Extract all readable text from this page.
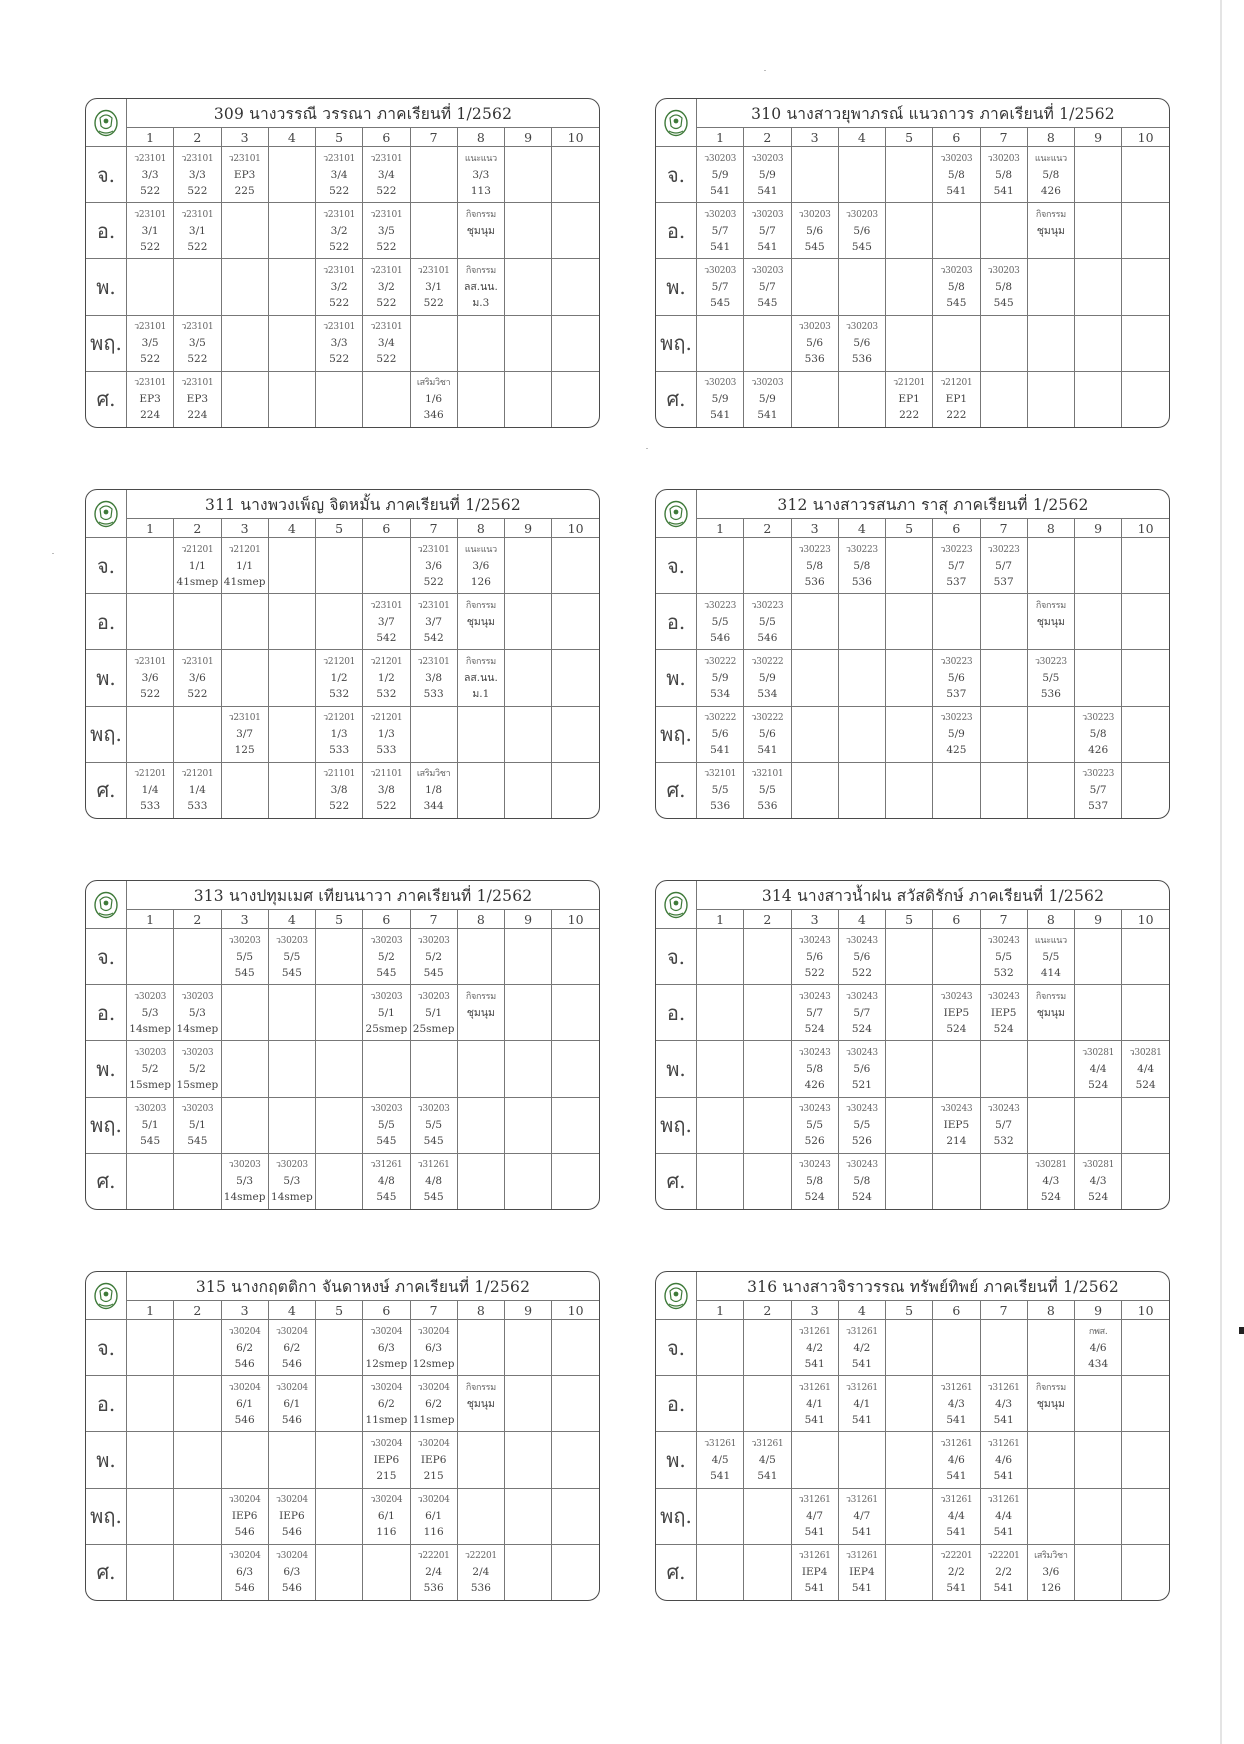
	309 นางวรรณี วรรณา ภาคเรียนที่ 1/2562									
	1	2	3	4	5	6	7	8	9	10
จ.	ว23101
3/3
522	ว23101
3/3
522	ว23101
EP3
225		ว23101
3/4
522	ว23101
3/4
522		แนะแนว
3/3
113		

อ.	ว23101
3/1
522	ว23101
3/1
522			ว23101
3/2
522	ว23101
3/5
522		กิจกรรม
ชุมนุม		

พ.					ว23101
3/2
522	ว23101
3/2
522	ว23101
3/1
522	กิจกรรม
ลส.นน.
ม.3		

พฤ.	ว23101
3/5
522	ว23101
3/5
522			ว23101
3/3
522	ว23101
3/4
522				

ศ.	ว23101
EP3
224	ว23101
EP3
224					เสริมวิชา
1/6
346			

	310 นางสาวยุพาภรณ์ แนวถาวร ภาคเรียนที่ 1/2562									
	1	2	3	4	5	6	7	8	9	10
จ.	ว30203
5/9
541	ว30203
5/9
541				ว30203
5/8
541	ว30203
5/8
541	แนะแนว
5/8
426		

อ.	ว30203
5/7
541	ว30203
5/7
541	ว30203
5/6
545	ว30203
5/6
545				กิจกรรม
ชุมนุม		

พ.	ว30203
5/7
545	ว30203
5/7
545				ว30203
5/8
545	ว30203
5/8
545			

พฤ.			ว30203
5/6
536	ว30203
5/6
536						

ศ.	ว30203
5/9
541	ว30203
5/9
541			ว21201
EP1
222	ว21201
EP1
222				

	311 นางพวงเพ็ญ จิตหมั้น ภาคเรียนที่ 1/2562									
	1	2	3	4	5	6	7	8	9	10
จ.		ว21201
1/1
41smep	ว21201
1/1
41smep				ว23101
3/6
522	แนะแนว
3/6
126		

อ.						ว23101
3/7
542	ว23101
3/7
542	กิจกรรม
ชุมนุม		

พ.	ว23101
3/6
522	ว23101
3/6
522			ว21201
1/2
532	ว21201
1/2
532	ว23101
3/8
533	กิจกรรม
ลส.นน.
ม.1		

พฤ.			ว23101
3/7
125		ว21201
1/3
533	ว21201
1/3
533				

ศ.	ว21201
1/4
533	ว21201
1/4
533			ว21101
3/8
522	ว21101
3/8
522	เสริมวิชา
1/8
344			

	312 นางสาวรสนภา ราสุ ภาคเรียนที่ 1/2562									
	1	2	3	4	5	6	7	8	9	10
จ.			ว30223
5/8
536	ว30223
5/8
536		ว30223
5/7
537	ว30223
5/7
537			

อ.	ว30223
5/5
546	ว30223
5/5
546						กิจกรรม
ชุมนุม		

พ.	ว30222
5/9
534	ว30222
5/9
534				ว30223
5/6
537		ว30223
5/5
536		

พฤ.	ว30222
5/6
541	ว30222
5/6
541				ว30223
5/9
425			ว30223
5/8
426	

ศ.	ว32101
5/5
536	ว32101
5/5
536							ว30223
5/7
537	

	313 นางปทุมเมศ เทียนนาวา ภาคเรียนที่ 1/2562									
	1	2	3	4	5	6	7	8	9	10
จ.			ว30203
5/5
545	ว30203
5/5
545		ว30203
5/2
545	ว30203
5/2
545			

อ.	ว30203
5/3
14smep	ว30203
5/3
14smep				ว30203
5/1
25smep	ว30203
5/1
25smep	กิจกรรม
ชุมนุม		

พ.	ว30203
5/2
15smep	ว30203
5/2
15smep								

พฤ.	ว30203
5/1
545	ว30203
5/1
545				ว30203
5/5
545	ว30203
5/5
545			

ศ.			ว30203
5/3
14smep	ว30203
5/3
14smep		ว31261
4/8
545	ว31261
4/8
545			

	314 นางสาวน้ำฝน สวัสดิรักษ์ ภาคเรียนที่ 1/2562									
	1	2	3	4	5	6	7	8	9	10
จ.			ว30243
5/6
522	ว30243
5/6
522			ว30243
5/5
532	แนะแนว
5/5
414		

อ.			ว30243
5/7
524	ว30243
5/7
524		ว30243
IEP5
524	ว30243
IEP5
524	กิจกรรม
ชุมนุม		

พ.			ว30243
5/8
426	ว30243
5/6
521					ว30281
4/4
524	ว30281
4/4
524

พฤ.			ว30243
5/5
526	ว30243
5/5
526		ว30243
IEP5
214	ว30243
5/7
532			

ศ.			ว30243
5/8
524	ว30243
5/8
524				ว30281
4/3
524	ว30281
4/3
524	

	315 นางกฤตติกา จันดาหงษ์ ภาคเรียนที่ 1/2562									
	1	2	3	4	5	6	7	8	9	10
จ.			ว30204
6/2
546	ว30204
6/2
546		ว30204
6/3
12smep	ว30204
6/3
12smep			

อ.			ว30204
6/1
546	ว30204
6/1
546		ว30204
6/2
11smep	ว30204
6/2
11smep	กิจกรรม
ชุมนุม		

พ.						ว30204
IEP6
215	ว30204
IEP6
215			

พฤ.			ว30204
IEP6
546	ว30204
IEP6
546		ว30204
6/1
116	ว30204
6/1
116			

ศ.			ว30204
6/3
546	ว30204
6/3
546			ว22201
2/4
536	ว22201
2/4
536		

	316 นางสาวจิราวรรณ ทรัพย์ทิพย์ ภาคเรียนที่ 1/2562									
	1	2	3	4	5	6	7	8	9	10
จ.			ว31261
4/2
541	ว31261
4/2
541					กพส.
4/6
434	

อ.			ว31261
4/1
541	ว31261
4/1
541		ว31261
4/3
541	ว31261
4/3
541	กิจกรรม
ชุมนุม		

พ.	ว31261
4/5
541	ว31261
4/5
541				ว31261
4/6
541	ว31261
4/6
541			

พฤ.			ว31261
4/7
541	ว31261
4/7
541		ว31261
4/4
541	ว31261
4/4
541			

ศ.			ว31261
IEP4
541	ว31261
IEP4
541		ว22201
2/2
541	ว22201
2/2
541	เสริมวิชา
3/6
126		
